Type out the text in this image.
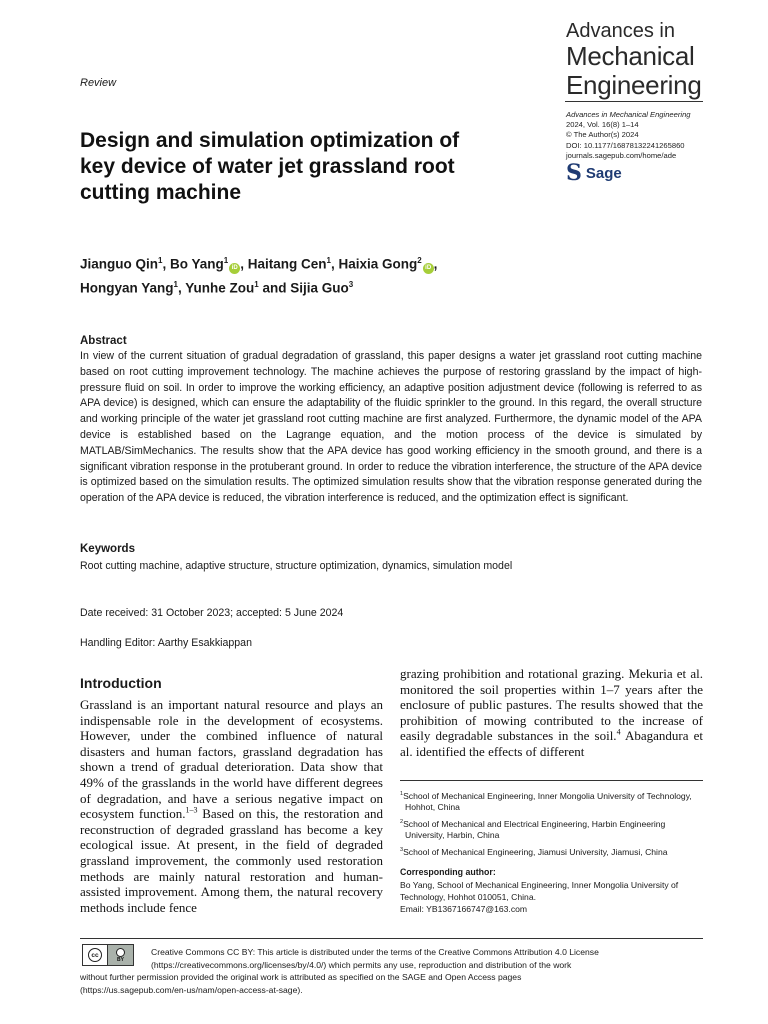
Advances in
Mechanical
Engineering
Review
Advances in Mechanical Engineering
2024, Vol. 16(8) 1–14
© The Author(s) 2024
DOI: 10.1177/16878132241265860
journals.sagepub.com/home/ade
S Sage
Design and simulation optimization of key device of water jet grassland root cutting machine
Jianguo Qin$^1$, Bo Yang$^1$iD , Haitang Cen$^1$, Haixia Gong$^2$iD ,
Hongyan Yang$^1$, Yunhe Zou$^1$ and Sijia Guo$^3$
Abstract
In view of the current situation of gradual degradation of grassland, this paper designs a water jet grassland root cutting machine based on root cutting improvement technology. The machine achieves the purpose of restoring grassland by the impact of high-pressure fluid on soil. In order to improve the working efficiency, an adaptive position adjustment device (following is referred to as APA device) is designed, which can ensure the adaptability of the fluidic sprinkler to the ground. In this regard, the overall structure and working principle of the water jet grassland root cutting machine are first analyzed. Furthermore, the dynamic model of the APA device is established based on the Lagrange equation, and the motion process of the device is simulated by MATLAB/SimMechanics. The results show that the APA device has good working efficiency in the smooth ground, and there is a significant vibration response in the protuberant ground. In order to reduce the vibration interference, the structure of the APA device is optimized based on the simulation results. The optimized simulation results show that the vibration response generated during the operation of the APA device is reduced, the vibration interference is reduced, and the optimization effect is significant.
Keywords
Root cutting machine, adaptive structure, structure optimization, dynamics, simulation model
Date received: 31 October 2023; accepted: 5 June 2024
Handling Editor: Aarthy Esakkiappan
Introduction
Grassland is an important natural resource and plays an indispensable role in the development of ecosystems. However, under the combined influence of natural disasters and human factors, grassland degradation has shown a trend of gradual deterioration. Data show that 49% of the grasslands in the world have different degrees of degradation, and have a serious negative impact on ecosystem function.$^{1-3}$ Based on this, the restoration and reconstruction of degraded grassland has become a key ecological issue. At present, in the field of degraded grassland improvement, the commonly used restoration methods are mainly natural restoration and human-assisted improvement. Among them, the natural recovery methods include fence
grazing prohibition and rotational grazing. Mekuria et al. monitored the soil properties within 1–7 years after the enclosure of public pastures. The results showed that the prohibition of mowing contributed to the increase of easily degradable substances in the soil.$^4$ Abagandura et al. identified the effects of different
$^1$School of Mechanical Engineering, Inner Mongolia University of Technology, Hohhot, China
$^2$School of Mechanical and Electrical Engineering, Harbin Engineering University, Harbin, China
$^3$School of Mechanical Engineering, Jiamusi University, Jiamusi, China
Corresponding author:
Bo Yang, School of Mechanical Engineering, Inner Mongolia University of Technology, Hohhot 010051, China.
Email: YB1367166747@163.com
Creative Commons CC BY: This article is distributed under the terms of the Creative Commons Attribution 4.0 License
(https://creativecommons.org/licenses/by/4.0/) which permits any use, reproduction and distribution of the work
without further permission provided the original work is attributed as specified on the SAGE and Open Access pages
(https://us.sagepub.com/en-us/nam/open-access-at-sage).
cc
BY
